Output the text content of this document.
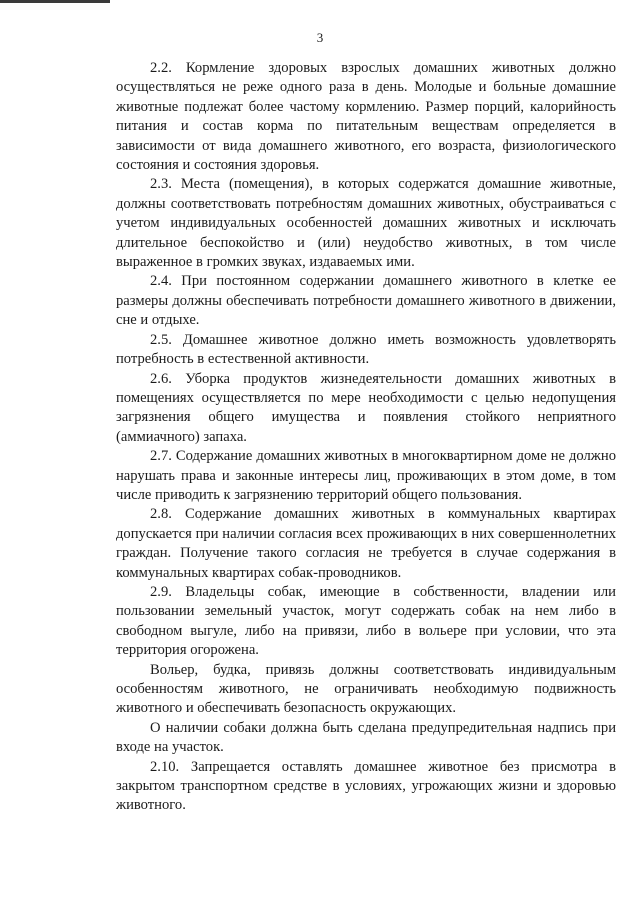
3

2.2. Кормление здоровых взрослых домашних животных должно осуществляться не реже одного раза в день. Молодые и больные домашние животные подлежат более частому кормлению. Размер порций, калорийность питания и состав корма по питательным веществам определяется в зависимости от вида домашнего животного, его возраста, физиологического состояния и состояния здоровья.

2.3. Места (помещения), в которых содержатся домашние животные, должны соответствовать потребностям домашних животных, обустраиваться с учетом индивидуальных особенностей домашних животных и исключать длительное беспокойство и (или) неудобство животных, в том числе выраженное в громких звуках, издаваемых ими.

2.4. При постоянном содержании домашнего животного в клетке ее размеры должны обеспечивать потребности домашнего животного в движении, сне и отдыхе.

2.5. Домашнее животное должно иметь возможность удовлетворять потребность в естественной активности.

2.6. Уборка продуктов жизнедеятельности домашних животных в помещениях осуществляется по мере необходимости с целью недопущения загрязнения общего имущества и появления стойкого неприятного (аммиачного) запаха.

2.7. Содержание домашних животных в многоквартирном доме не должно нарушать права и законные интересы лиц, проживающих в этом доме, в том числе приводить к загрязнению территорий общего пользования.

2.8. Содержание домашних животных в коммунальных квартирах допускается при наличии согласия всех проживающих в них совершеннолетних граждан. Получение такого согласия не требуется в случае содержания в коммунальных квартирах собак-проводников.

2.9. Владельцы собак, имеющие в собственности, владении или пользовании земельный участок, могут содержать собак на нем либо в свободном выгуле, либо на привязи, либо в вольере при условии, что эта территория огорожена.

Вольер, будка, привязь должны соответствовать индивидуальным особенностям животного, не ограничивать необходимую подвижность животного и обеспечивать безопасность окружающих.

О наличии собаки должна быть сделана предупредительная надпись при входе на участок.

2.10. Запрещается оставлять домашнее животное без присмотра в закрытом транспортном средстве в условиях, угрожающих жизни и здоровью животного.
